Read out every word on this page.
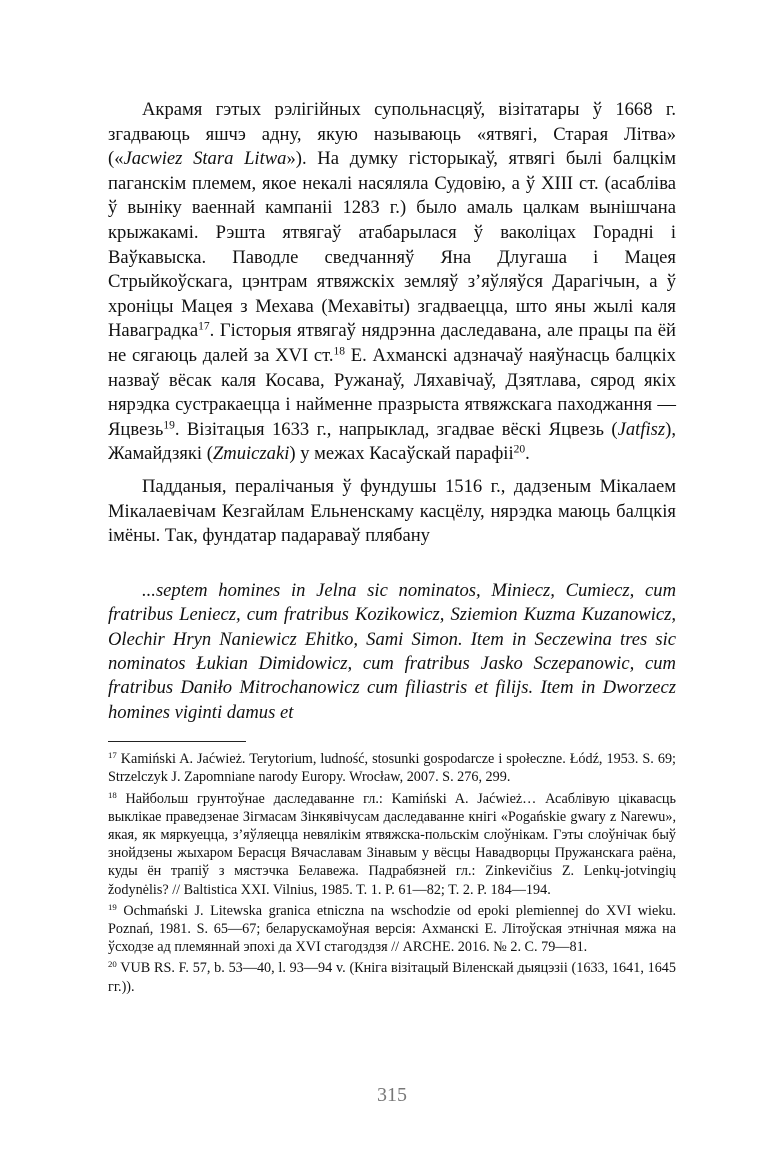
Акрамя гэтых рэлігійных супольнасцяў, візітатары ў 1668 г. згадваюць яшчэ адну, якую называюць «ятвягі, Старая Літва» («Jacwiez Stara Litwa»). На думку гісторыкаў, ятвягі былі балцкім паганскім племем, якое некалі насяляла Судовію, а ў XIII ст. (асабліва ў выніку ваеннай кампаніі 1283 г.) было амаль цалкам вынішчана крыжакамі. Рэшта ятвягаў атабарылася ў ваколіцах Горадні і Ваўкавыска. Паводле сведчанняў Яна Длугаша і Мацея Стрыйкоўскага, цэнтрам ятвяжскіх земляў з’яўляўся Дарагічын, а ў хроніцы Мацея з Мехава (Мехавіты) згадваецца, што яны жылі каля Наваградка$^{17}$. Гісторыя ятвягаў нядрэнна даследавана, але працы па ёй не сягаюць далей за XVI ст.$^{18}$ Е. Ахманскі адзначаў наяўнасць балцкіх назваў вёсак каля Косава, Ружанаў, Ляхавічаў, Дзятлава, сярод якіх нярэдка сустракаецца і найменне празрыста ятвяжскага паходжання — Яцвезь$^{19}$. Візітацыя 1633 г., напрыклад, згадвае вёскі Яцвезь (Jatfisz), Жамайдзякі (Zmuiczaki) у межах Касаўскай парафіі$^{20}$.

Падданыя, пералічаныя ў фундушы 1516 г., дадзеным Мікалаем Мікалаевічам Кезгайлам Ельненскаму касцёлу, нярэдка маюць балцкія імёны. Так, фундатар падараваў плябану

...septem homines in Jelna sic nominatos, Miniecz, Cumiecz, cum fratribus Leniecz, cum fratribus Kozikowicz, Sziemion Kuzma Kuzanowicz, Olechir Hryn Naniewicz Ehitko, Sami Simon. Item in Seczewina tres sic nominatos Łukian Dimidowicz, cum fratribus Jasko Sczepanowic, cum fratribus Daniło Mitrochanowicz cum filiastris et filijs. Item in Dworzecz homines viginti damus et

$^{17}$ Kamiński A. Jaćwież. Terytorium, ludność, stosunki gospodarcze i społeczne. Łódź, 1953. S. 69; Strzelczyk J. Zapomniane narody Europy. Wrocław, 2007. S. 276, 299.

$^{18}$ Найбольш грунтоўнае даследаванне гл.: Kamiński A. Jaćwież… Асаблівую цікавасць выклікае праведзенае Зігмасам Зінкявічусам даследаванне кнігі «Pogańskie gwary z Narewu», якая, як мяркуецца, з’яўляецца невялікім ятвяжска-польскім слоўнікам. Гэты слоўнічак быў знойдзены жыхаром Берасця Вячаславам Зінавым у вёсцы Навадворцы Пружанскага раёна, куды ён трапіў з мястэчка Белавежа. Падрабязней гл.: Zinkevičius Z. Lenkų-jotvingių žodynėlis? // Baltistica XXI. Vilnius, 1985. T. 1. P. 61—82; T. 2. P. 184—194.

$^{19}$ Ochmański J. Litewska granica etniczna na wschodzie od epoki plemiennej do XVI wieku. Poznań, 1981. S. 65—67; беларускамоўная версія: Ахманскі Е. Літоўская этнічная мяжа на ўсходзе ад племяннай эпохі да XVI стагодздзя // ARCHE. 2016. № 2. С. 79—81.

$^{20}$ VUB RS. F. 57, b. 53—40, l. 93—94 v. (Кніга візітацый Віленскай дыяцэзіі (1633, 1641, 1645 гг.)).

315
